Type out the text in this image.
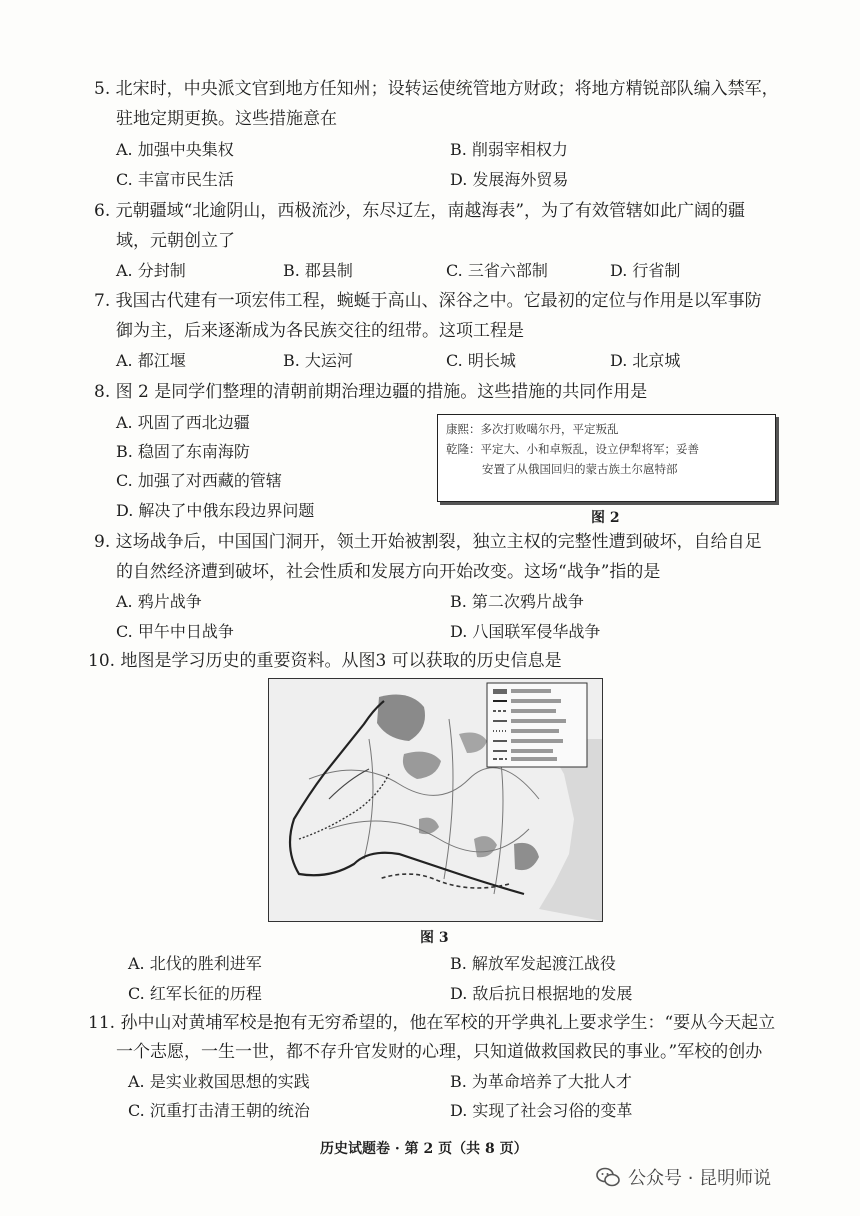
5. 北宋时，中央派文官到地方任知州；设转运使统管地方财政；将地方精锐部队编入禁军，
驻地定期更换。这些措施意在
A. 加强中央集权	B. 削弱宰相权力
C. 丰富市民生活	D. 发展海外贸易
6. 元朝疆域“北逾阴山，西极流沙，东尽辽左，南越海表”，为了有效管辖如此广阔的疆
域，元朝创立了
A. 分封制	B. 郡县制	C. 三省六部制	D. 行省制
7. 我国古代建有一项宏伟工程，蜿蜒于高山、深谷之中。它最初的定位与作用是以军事防
御为主，后来逐渐成为各民族交往的纽带。这项工程是
A. 都江堰	B. 大运河	C. 明长城	D. 北京城
8. 图 2 是同学们整理的清朝前期治理边疆的措施。这些措施的共同作用是
A. 巩固了西北边疆
B. 稳固了东南海防
C. 加强了对西藏的管辖
D. 解决了中俄东段边界问题
康熙：多次打败噶尔丹，平定叛乱
乾隆：平定大、小和卓叛乱，设立伊犁将军；妥善
安置了从俄国回归的蒙古族土尔扈特部
图 2
9. 这场战争后，中国国门洞开，领土开始被割裂，独立主权的完整性遭到破坏，自给自足
的自然经济遭到破坏，社会性质和发展方向开始改变。这场“战争”指的是
A. 鸦片战争	B. 第二次鸦片战争
C. 甲午中日战争	D. 八国联军侵华战争
10. 地图是学习历史的重要资料。从图3 可以获取的历史信息是
图 3
A. 北伐的胜利进军	B. 解放军发起渡江战役
C. 红军长征的历程	D. 敌后抗日根据地的发展
11. 孙中山对黄埔军校是抱有无穷希望的，他在军校的开学典礼上要求学生：“要从今天起立
一个志愿，一生一世，都不存升官发财的心理，只知道做救国救民的事业。”军校的创办
A. 是实业救国思想的实践	B. 为革命培养了大批人才
C. 沉重打击清王朝的统治	D. 实现了社会习俗的变革
历史试题卷 · 第 2 页（共 8 页）
公众号 · 昆明师说
